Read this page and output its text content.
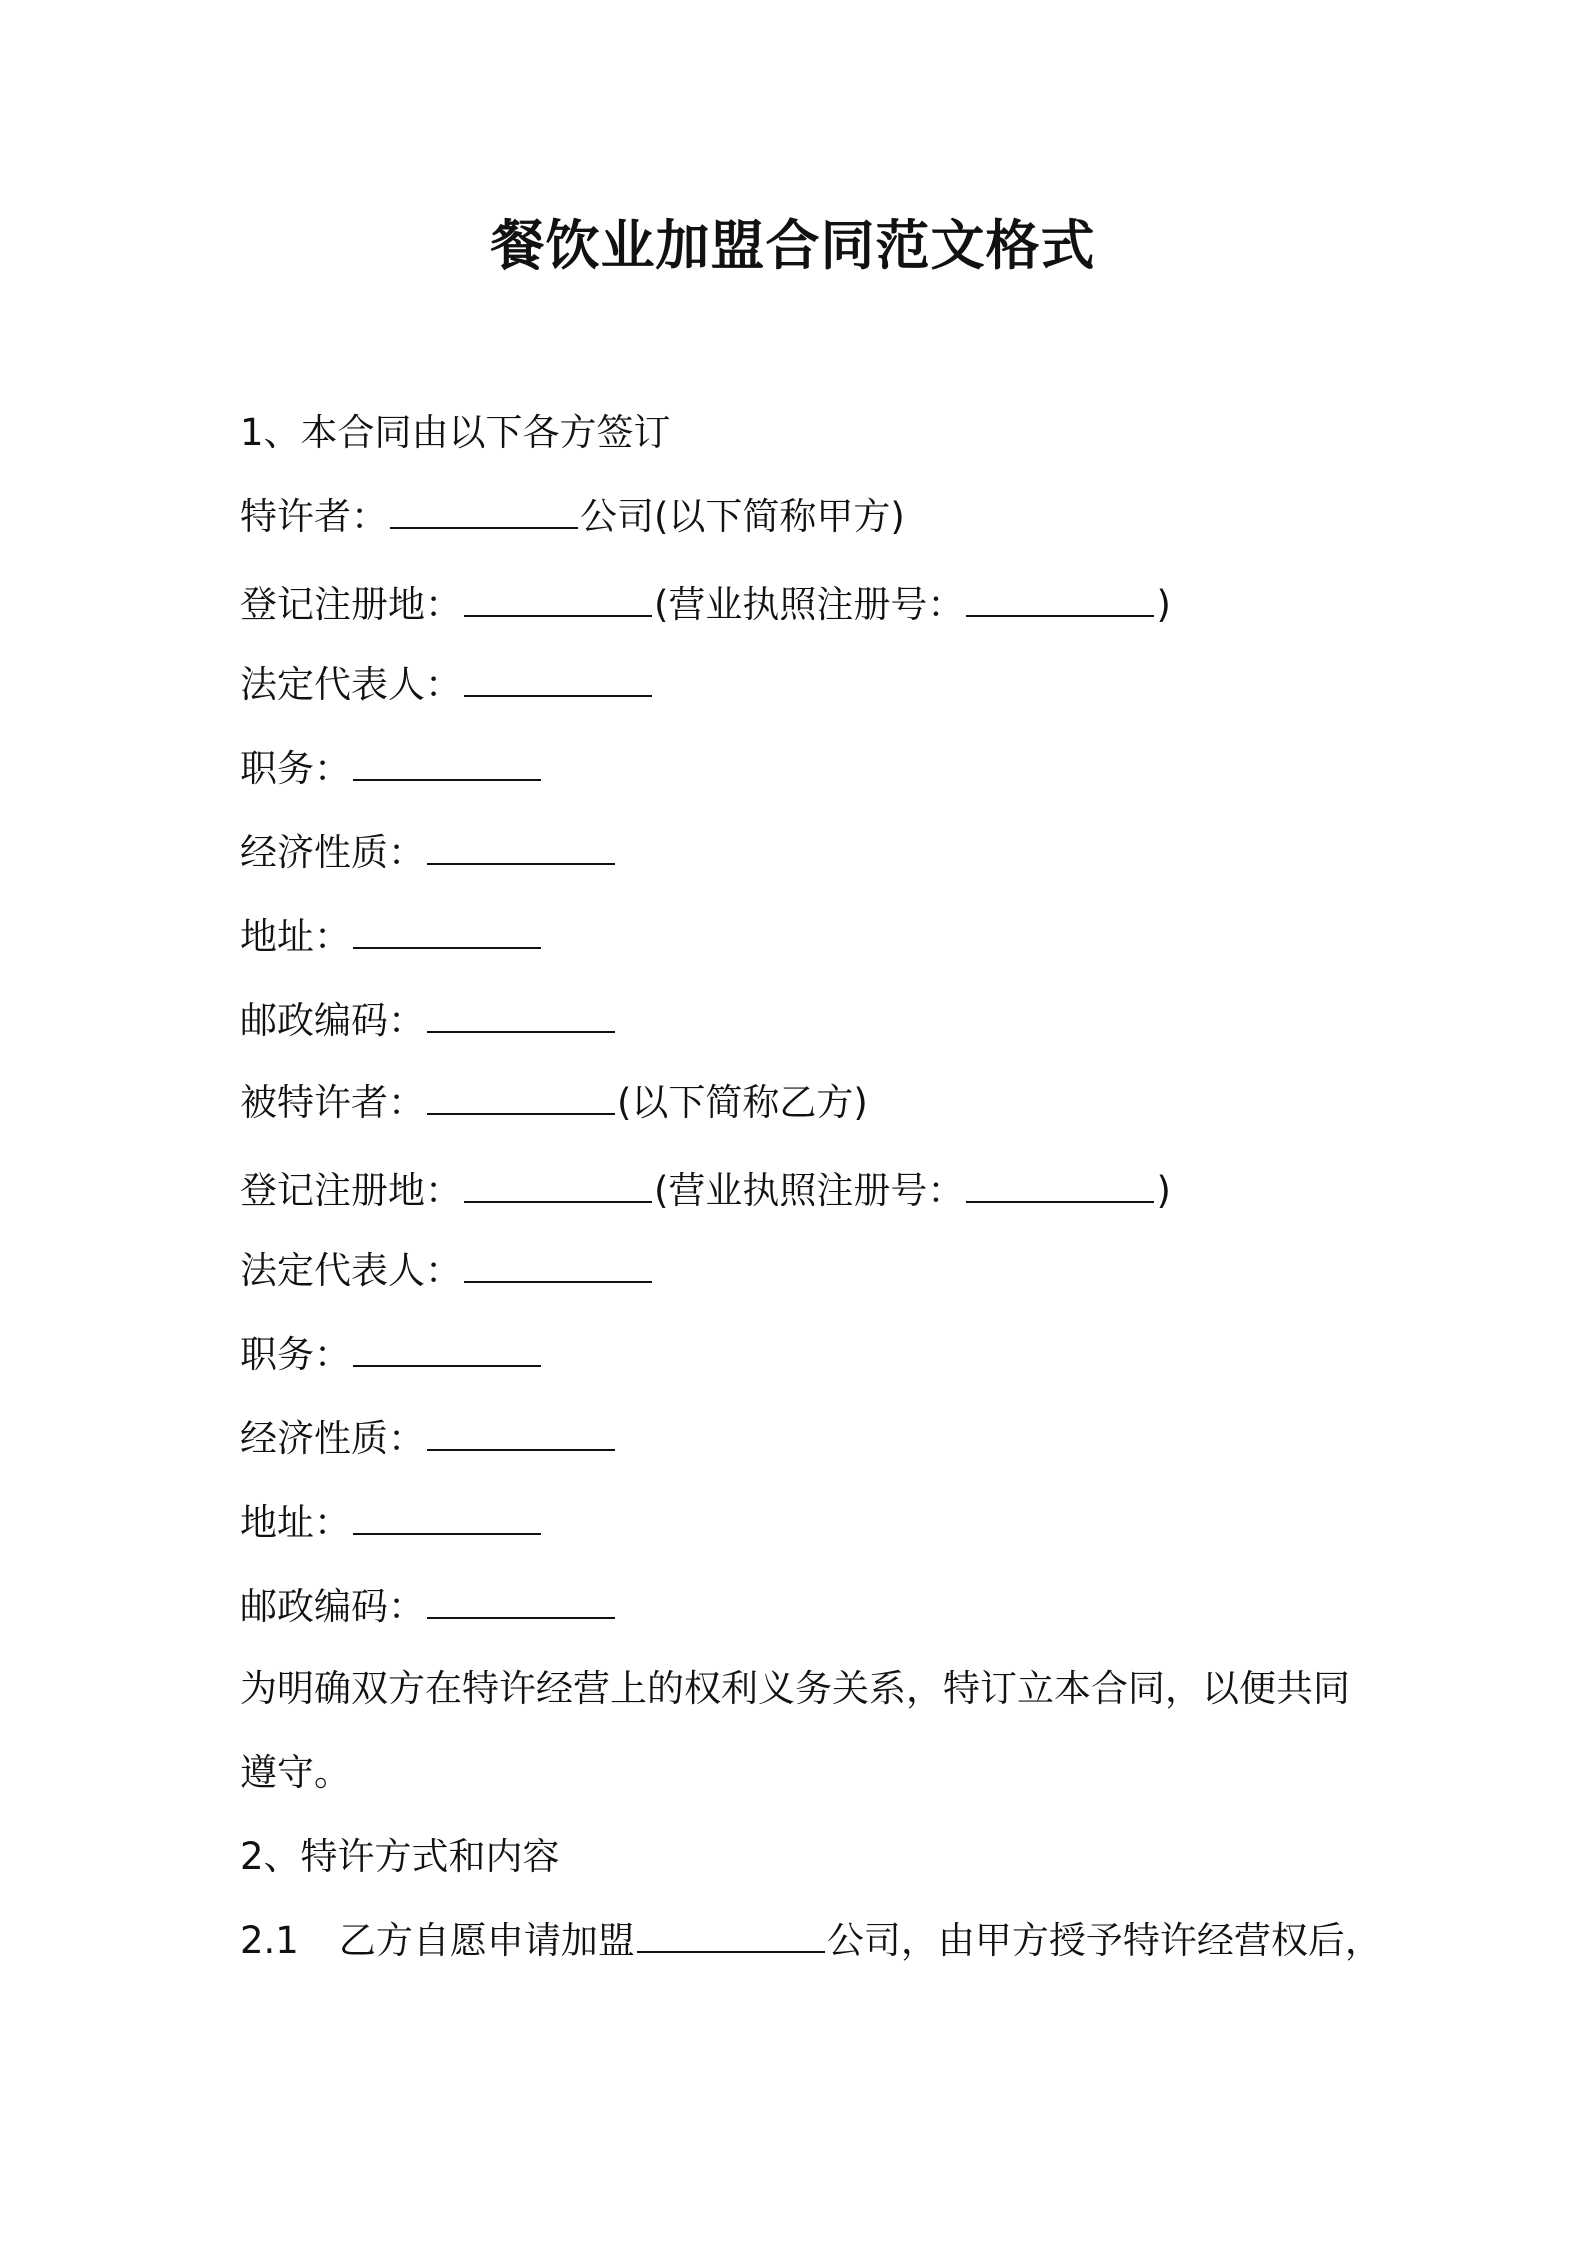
餐饮业加盟合同范文格式

1、本合同由以下各方签订

特许者：	公司(以下简称甲方)

登记注册地：	(营业执照注册号：	)

法定代表人：

职务：

经济性质：

地址：

邮政编码：

被特许者：	(以下简称乙方)

登记注册地：	(营业执照注册号：	)

法定代表人：

职务：

经济性质：

地址：

邮政编码：

为明确双方在特许经营上的权利义务关系，特订立本合同，以便共同

遵守。

2、特许方式和内容

2.1 乙方自愿申请加盟	公司，由甲方授予特许经营权后，
